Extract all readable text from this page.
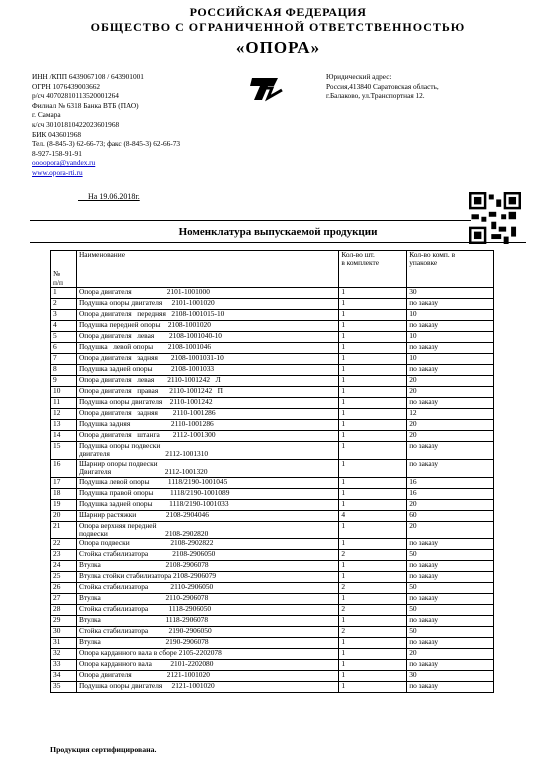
РОССИЙСКАЯ ФЕДЕРАЦИЯ
ОБЩЕСТВО С ОГРАНИЧЕННОЙ ОТВЕТСТВЕННОСТЬЮ
«ОПОРА»
ИНН /КПП 6439067108 / 643901001
ОГРН 1076439003662
р/сч 40702810113520001264
Филиал № 6318 Банка ВТБ (ПАО)
г. Самара
к/сч 30101810422023601968
БИК 043601968
Тел. (8-845-3) 62-66-73; факс (8-845-3) 62-66-73
8-927-158-91-91
oooopora@yandex.ru
www.opora-rti.ru
Юридический адрес:
Россия,413840 Саратовская область,
г.Балаково, ул.Транспортная 12.
На 19.06.2018г.
Номенклатура выпускаемой продукции
№
п/п	Наименование	Кол-во шт.
в комплекте	Кол-во комп. в
упаковке
1	Опора двигателя                   2101-1001000	1	30
2	Подушка опоры двигателя     2101-1001020	1	по заказу
3	Опора двигателя   передняя   2108-1001015-10	1	10
4	Подушка передней опоры    2108-1001020	1	по заказу
5	Опора двигателя   левая        2108-1001040-10	1	10
6	Подушка   левой опоры        2108-1001046	1	по заказу
7	Опора двигателя   задняя       2108-1001031-10	1	10
8	Подушка задней опоры          2108-1001033	1	по заказу
9	Опора двигателя   левая       2110-1001242   Л	1	20
10	Опора двигателя   правая      2110-1001242   П	1	20
11	Подушка опоры двигателя    2110-1001242	1	по заказу
12	Опора двигателя   задняя        2110-1001286	1	12
13	Подушка задняя                      2110-1001286	1	20
14	Опора двигателя   штанга       2112-1001300	1	20
15	Подушка опоры подвески
двигателя                              2112-1001310	1	по заказу
16	Шарнир опоры подвески
Двигателя                             2112-1001320	1	по заказу
17	Подушка левой опоры          1118/2190-1001045	1	16
18	Подушка правой опоры         1118/2190-1001089	1	16
19	Подушка задней опоры         1118/2190-1001033	1	20
20	Шарнир растяжки                2108-2904046	4	60
21	Опора верхняя передней
подвески                               2108-2902820	1	20
22	Опора подвески                      2108-2902822	1	по заказу
23	Стойка стабилизатора             2108-2906050	2	50
24	Втулка                                   2108-2906078	1	по заказу
25	Втулка стойки стабилизатора 2108-2906079	1	по заказу
26	Стойка стабилизатора            2110-2906050	2	50
27	Втулка                                   2110-2906078	1	по заказу
28	Стойка стабилизатора           1118-2906050	2	50
29	Втулка                                   1118-2906078	1	по заказу
30	Стойка стабилизатора           2190-2906050	2	50
31	Втулка                                   2190-2906078	1	по заказу
32	Опора карданного вала в сборе 2105-2202078	1	20
33	Опора карданного вала          2101-2202080	1	по заказу
34	Опора двигателя                   2121-1001020	1	30
35	Подушка опоры двигателя     2121-1001020	1	по заказу
Продукция сертифицирована.
